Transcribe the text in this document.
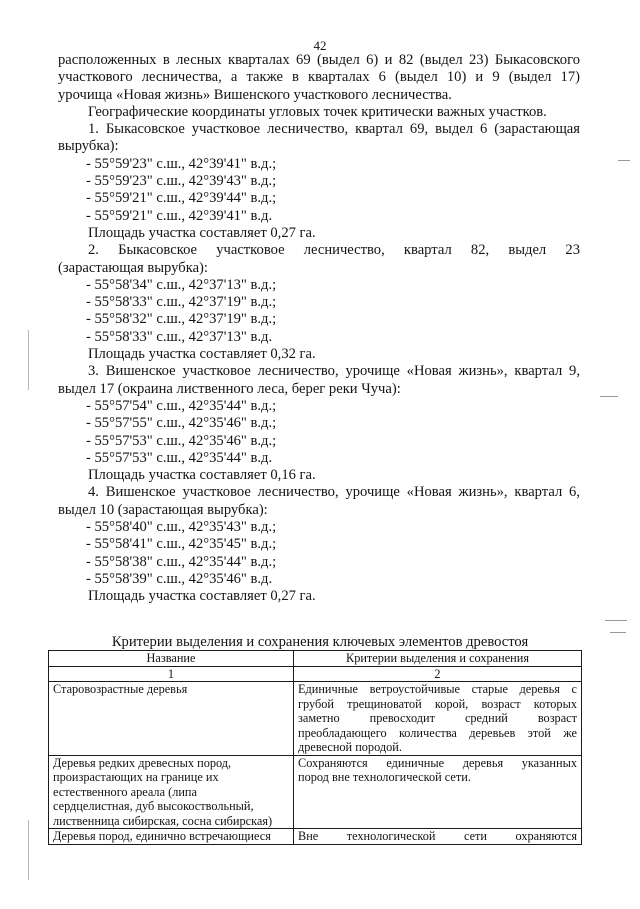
42

расположенных в лесных кварталах 69 (выдел 6) и 82 (выдел 23) Быкасовского

участкового лесничества, а также в кварталах 6 (выдел 10) и 9 (выдел 17)

урочища «Новая жизнь» Вишенского участкового лесничества.

Географические координаты угловых точек критически важных участков.

1. Быкасовское участковое лесничество, квартал 69, выдел 6 (зарастающая

вырубка):

- 55°59'23" с.ш., 42°39'41" в.д.;

- 55°59'23" с.ш., 42°39'43" в.д.;

- 55°59'21" с.ш., 42°39'44" в.д.;

- 55°59'21" с.ш., 42°39'41" в.д.

Площадь участка составляет 0,27 га.

2. Быкасовское участковое лесничество, квартал 82, выдел 23

(зарастающая вырубка):

- 55°58'34" с.ш., 42°37'13" в.д.;

- 55°58'33" с.ш., 42°37'19" в.д.;

- 55°58'32" с.ш., 42°37'19" в.д.;

- 55°58'33" с.ш., 42°37'13" в.д.

Площадь участка составляет 0,32 га.

3. Вишенское участковое лесничество, урочище «Новая жизнь», квартал 9,

выдел 17 (окраина лиственного леса, берег реки Чуча):

- 55°57'54" с.ш., 42°35'44" в.д.;

- 55°57'55" с.ш., 42°35'46" в.д.;

- 55°57'53" с.ш., 42°35'46" в.д.;

- 55°57'53" с.ш., 42°35'44" в.д.

Площадь участка составляет 0,16 га.

4. Вишенское участковое лесничество, урочище «Новая жизнь», квартал 6,

выдел 10 (зарастающая вырубка):

- 55°58'40" с.ш., 42°35'43" в.д.;

- 55°58'41" с.ш., 42°35'45" в.д.;

- 55°58'38" с.ш., 42°35'44" в.д.;

- 55°58'39" с.ш., 42°35'46" в.д.

Площадь участка составляет 0,27 га.

Критерии выделения и сохранения ключевых элементов древостоя
Название	Критерии выделения и сохранения
1	2

Старовозрастные деревья	Единичные ветроустойчивые старые деревья с
грубой трещиноватой корой, возраст которых
заметно превосходит средний возраст
преобладающего количества деревьев этой же
древесной породой.

Деревья редких древесных пород,
произрастающих на границе их
естественного ареала (липа
сердцелистная, дуб высокоствольный,
лиственница сибирская, сосна сибирская)	Сохраняются единичные деревья указанных
пород вне технологической сети.

Деревья пород, единично встречающиеся	Вне технологической сети охраняются
